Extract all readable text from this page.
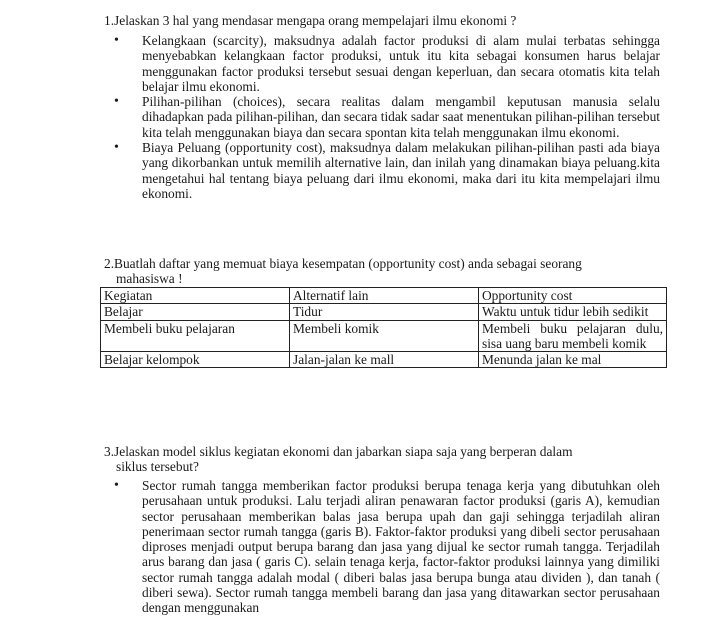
1.Jelaskan 3 hal yang mendasar mengapa orang mempelajari ilmu ekonomi ?

• Kelangkaan (scarcity), maksudnya adalah factor produksi di alam mulai terbatas sehingga menyebabkan kelangkaan factor produksi, untuk itu kita sebagai konsumen harus belajar menggunakan factor produksi tersebut sesuai dengan keperluan, dan secara otomatis kita telah belajar ilmu ekonomi.
• Pilihan-pilihan (choices), secara realitas dalam mengambil keputusan manusia selalu dihadapkan pada pilihan-pilihan, dan secara tidak sadar saat menentukan pilihan-pilihan tersebut kita telah menggunakan biaya dan secara spontan kita telah menggunakan ilmu ekonomi.
• Biaya Peluang (opportunity cost), maksudnya dalam melakukan pilihan-pilihan pasti ada biaya yang dikorbankan untuk memilih alternative lain, dan inilah yang dinamakan biaya peluang.kita mengetahui hal tentang biaya peluang dari ilmu ekonomi, maka dari itu kita mempelajari ilmu ekonomi.
2.Buatlah daftar yang memuat biaya kesempatan (opportunity cost) anda sebagai seorang
mahasiswa !
Kegiatan	Alternatif lain	Opportunity cost
Belajar	Tidur	Waktu untuk tidur lebih sedikit
Membeli buku pelajaran	Membeli komik	Membeli buku pelajaran dulu, sisa uang baru membeli komik
Belajar kelompok	Jalan-jalan ke mall	Menunda jalan ke mal
3.Jelaskan model siklus kegiatan ekonomi dan jabarkan siapa saja yang berperan dalam
siklus tersebut?
• Sector rumah tangga memberikan factor produksi berupa tenaga kerja yang dibutuhkan oleh perusahaan untuk produksi. Lalu terjadi aliran penawaran factor produksi (garis A), kemudian sector perusahaan memberikan balas jasa berupa upah dan gaji sehingga terjadilah aliran penerimaan sector rumah tangga (garis B). Faktor-faktor produksi yang dibeli sector perusahaan diproses menjadi output berupa barang dan jasa yang dijual ke sector rumah tangga. Terjadilah arus barang dan jasa ( garis C). selain tenaga kerja, factor-faktor produksi lainnya yang dimiliki sector rumah tangga adalah modal ( diberi balas jasa berupa bunga atau dividen ), dan tanah ( diberi sewa). Sector rumah tangga membeli barang dan jasa yang ditawarkan sector perusahaan dengan menggunakan
